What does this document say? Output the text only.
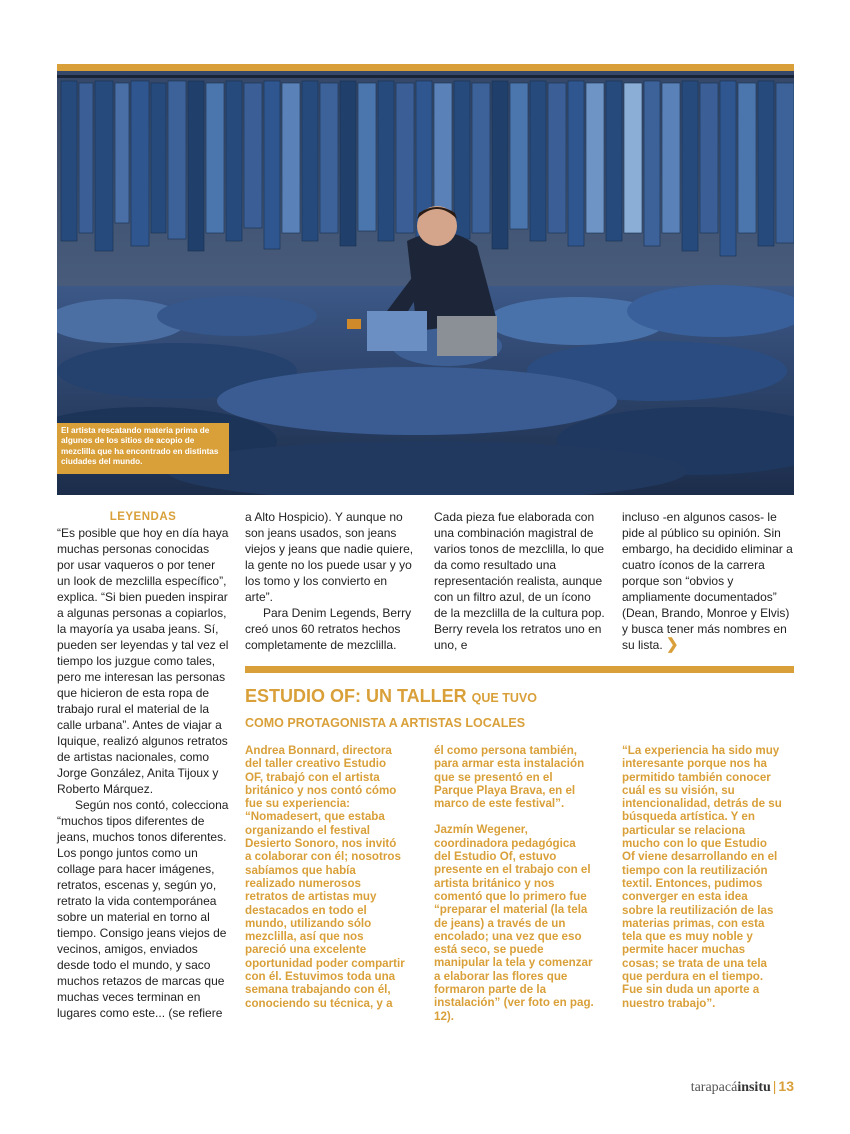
El artista rescatando materia prima de algunos de los sitios de acopio de mezclilla que ha encontrado en distintas ciudades del mundo.
LEYENDAS

“Es posible que hoy en día haya muchas personas conocidas por usar vaqueros o por tener un look de mezclilla específico”, explica. “Si bien pueden inspirar a algunas personas a copiarlos, la mayoría ya usaba jeans. Sí, pueden ser leyendas y tal vez el tiempo los juzgue como tales, pero me interesan las personas que hicieron de esta ropa de trabajo rural el material de la calle urbana”. Antes de viajar a Iquique, realizó algunos retratos de artistas nacionales, como Jorge González, Anita Tijoux y Roberto Márquez.

Según nos contó, colecciona “muchos tipos diferentes de jeans, muchos tonos diferentes. Los pongo juntos como un collage para hacer imágenes, retratos, escenas y, según yo, retrato la vida contemporánea sobre un material en torno al tiempo. Consigo jeans viejos de vecinos, amigos, enviados desde todo el mundo, y saco muchos retazos de marcas que muchas veces terminan en lugares como este... (se refiere

a Alto Hospicio). Y aunque no son jeans usados, son jeans viejos y jeans que nadie quiere, la gente no los puede usar y yo los tomo y los convierto en arte”.

Para Denim Legends, Berry creó unos 60 retratos hechos completamente de mezclilla.

Cada pieza fue elaborada con una combinación magistral de varios tonos de mezclilla, lo que da como resultado una representación realista, aunque con un filtro azul, de un ícono de la mezclilla de la cultura pop. Berry revela los retratos uno en uno, e

incluso -en algunos casos- le pide al público su opinión. Sin embargo, ha decidido eliminar a cuatro íconos de la carrera porque son “obvios y ampliamente documentados” (Dean, Brando, Monroe y Elvis) y busca tener más nombres en su lista. ❯

ESTUDIO OF: UN TALLER QUE TUVO
COMO PROTAGONISTA A ARTISTAS LOCALES

Andrea Bonnard, directora del taller creativo Estudio OF, trabajó con el artista británico y nos contó cómo fue su experiencia: “Nomadesert, que estaba organizando el festival Desierto Sonoro, nos invitó a colaborar con él; nosotros sabíamos que había realizado numerosos retratos de artistas muy destacados en todo el mundo, utilizando sólo mezclilla, así que nos pareció una excelente oportunidad poder compartir con él. Estuvimos toda una semana trabajando con él, conociendo su técnica, y a

él como persona también, para armar esta instalación que se presentó en el Parque Playa Brava, en el marco de este festival”.

Jazmín Wegener, coordinadora pedagógica del Estudio Of, estuvo presente en el trabajo con el artista británico y nos comentó que lo primero fue “preparar el material (la tela de jeans) a través de un encolado; una vez que eso está seco, se puede manipular la tela y comenzar a elaborar las flores que formaron parte de la instalación” (ver foto en pag. 12).

“La experiencia ha sido muy interesante porque nos ha permitido también conocer cuál es su visión, su intencionalidad, detrás de su búsqueda artística. Y en particular se relaciona mucho con lo que Estudio Of viene desarrollando en el tiempo con la reutilización textil. Entonces, pudimos converger en esta idea sobre la reutilización de las materias primas, con esta tela que es muy noble y permite hacer muchas cosas; se trata de una tela que perdura en el tiempo. Fue sin duda un aporte a nuestro trabajo”.

tarapacáinsitu | 13
